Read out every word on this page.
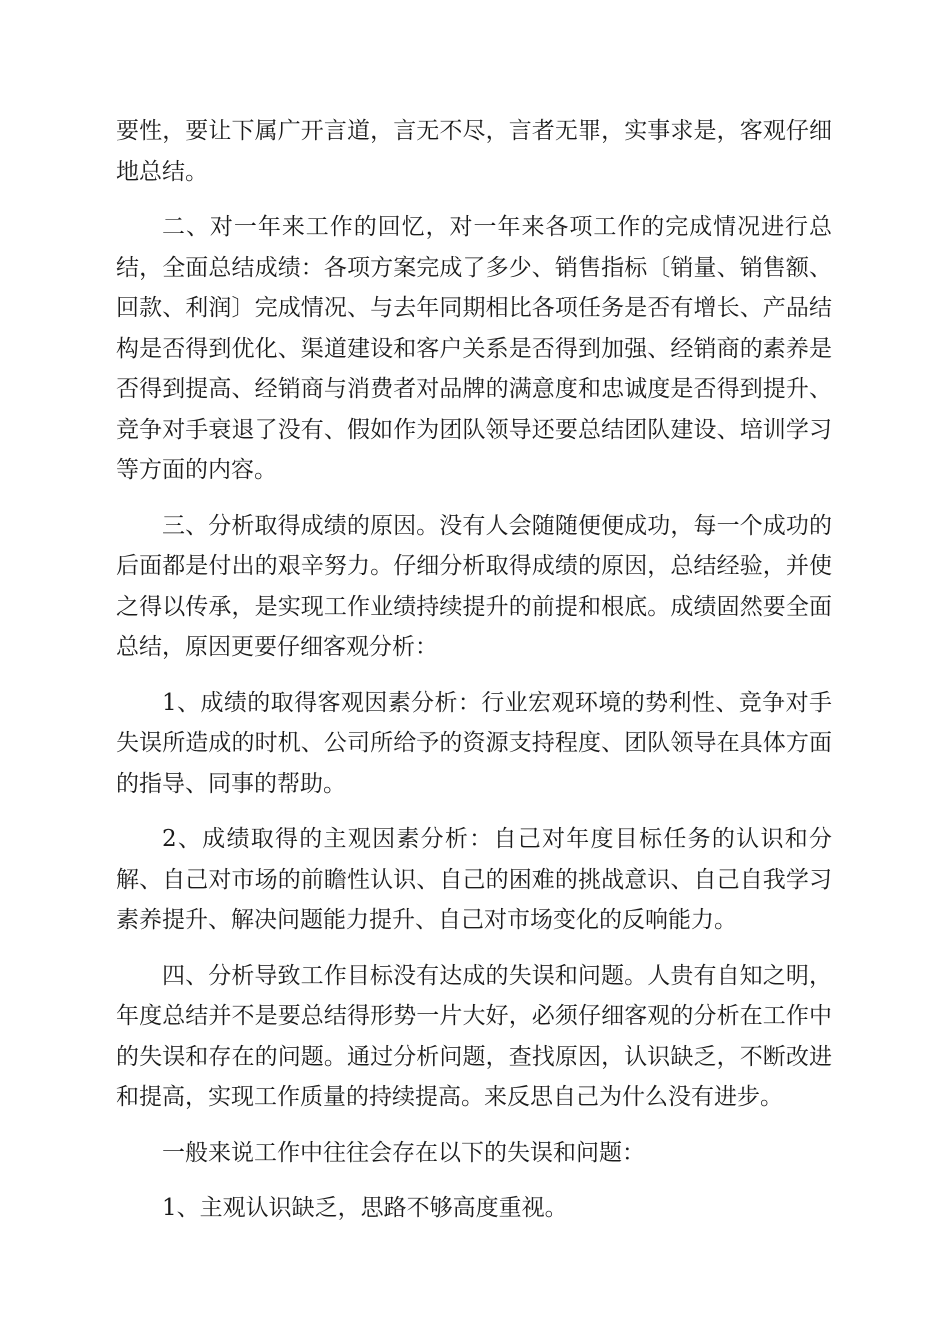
要性，要让下属广开言道，言无不尽，言者无罪，实事求是，客观仔细地总结。

二、对一年来工作的回忆，对一年来各项工作的完成情况进行总结，全面总结成绩：各项方案完成了多少、销售指标〔销量、销售额、回款、利润〕完成情况、与去年同期相比各项任务是否有增长、产品结构是否得到优化、渠道建设和客户关系是否得到加强、经销商的素养是否得到提高、经销商与消费者对品牌的满意度和忠诚度是否得到提升、竞争对手衰退了没有、假如作为团队领导还要总结团队建设、培训学习等方面的内容。

三、分析取得成绩的原因。没有人会随随便便成功，每一个成功的后面都是付出的艰辛努力。仔细分析取得成绩的原因，总结经验，并使之得以传承，是实现工作业绩持续提升的前提和根底。成绩固然要全面总结，原因更要仔细客观分析：

1、成绩的取得客观因素分析：行业宏观环境的势利性、竞争对手失误所造成的时机、公司所给予的资源支持程度、团队领导在具体方面的指导、同事的帮助。

2、成绩取得的主观因素分析：自己对年度目标任务的认识和分解、自己对市场的前瞻性认识、自己的困难的挑战意识、自己自我学习素养提升、解决问题能力提升、自己对市场变化的反响能力。

四、分析导致工作目标没有达成的失误和问题。人贵有自知之明，年度总结并不是要总结得形势一片大好，必须仔细客观的分析在工作中的失误和存在的问题。通过分析问题，查找原因，认识缺乏，不断改进和提高，实现工作质量的持续提高。来反思自己为什么没有进步。

一般来说工作中往往会存在以下的失误和问题：

1、主观认识缺乏，思路不够高度重视。
